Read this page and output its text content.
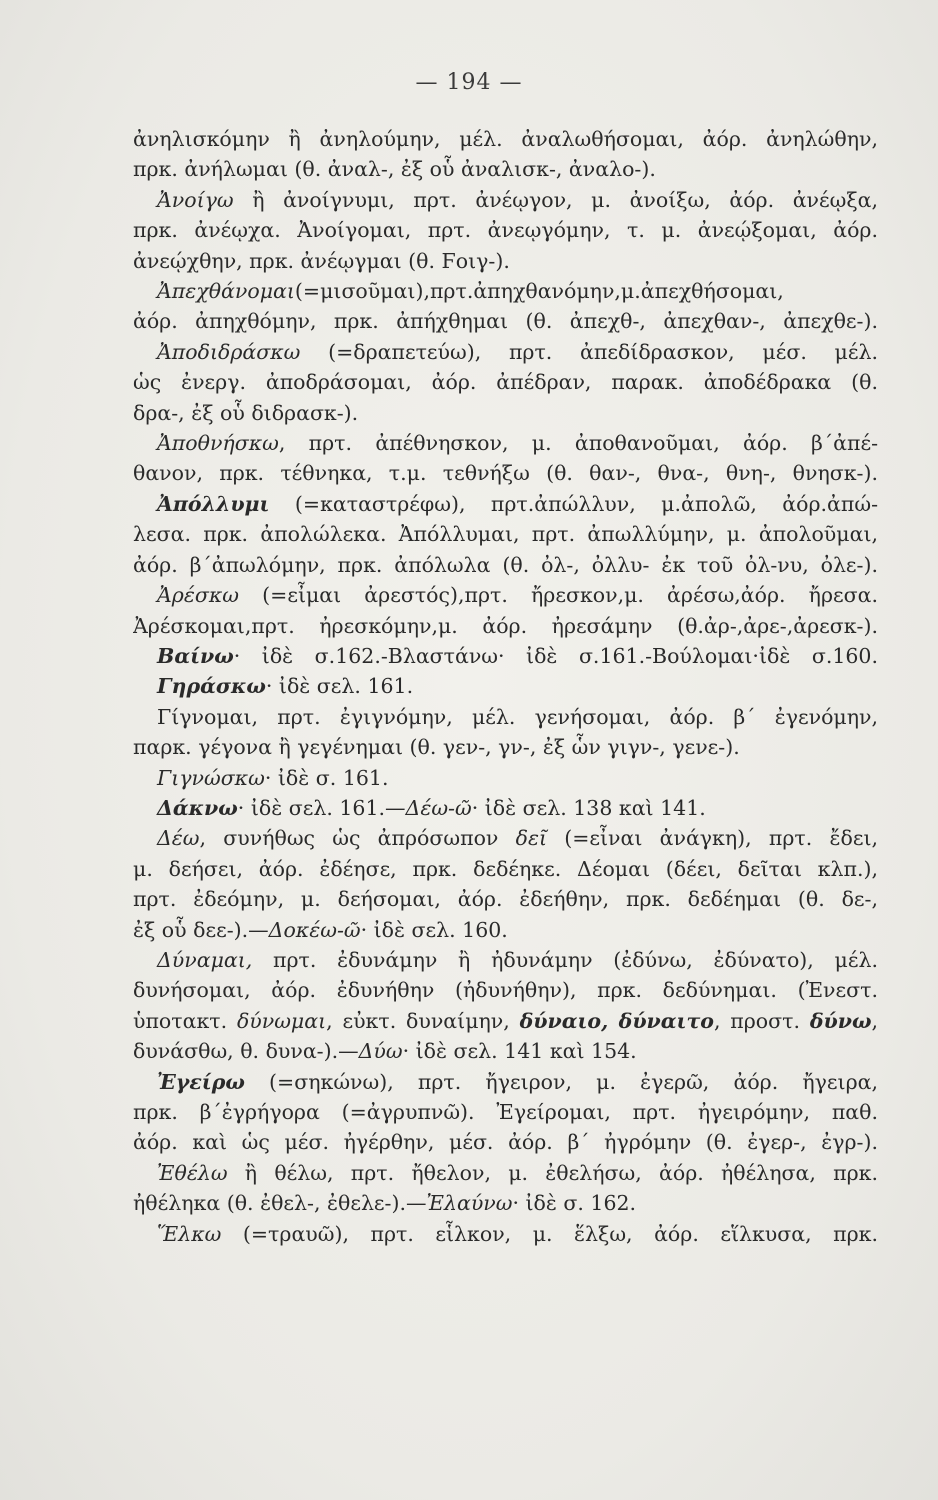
— 194 —
ἀνηλισκόμην ἢ ἀνηλούμην, μέλ. ἀναλωθήσομαι, ἀόρ. ἀνηλώθην,
πρκ. ἀνήλωμαι (θ. ἀναλ-, ἐξ οὗ ἀναλισκ-, ἀναλο-).
Ἀνοίγω ἢ ἀνοίγνυμι, πρτ. ἀνέῳγον, μ. ἀνοίξω, ἀόρ. ἀνέῳξα,
πρκ. ἀνέῳχα. Ἀνοίγομαι, πρτ. ἀνεῳγόμην, τ. μ. ἀνεῴξομαι, ἀόρ.
ἀνεῴχθην, πρκ. ἀνέῳγμαι (θ. Ϝοιγ-).
Ἀπεχθάνομαι(=μισοῦμαι),πρτ.ἀπηχθανόμην,μ.ἀπεχθήσομαι,
ἀόρ. ἀπηχθόμην, πρκ. ἀπήχθημαι (θ. ἀπεχθ-, ἀπεχθαν-, ἀπεχθε-).
Ἀποδιδράσκω (=δραπετεύω), πρτ. ἀπεδίδρασκον, μέσ. μέλ.
ὡς ἐνεργ. ἀποδράσομαι, ἀόρ. ἀπέδραν, παρακ. ἀποδέδρακα (θ.
δρα-, ἐξ οὗ διδρασκ-).
Ἀποθνήσκω, πρτ. ἀπέθνησκον, μ. ἀποθανοῦμαι, ἀόρ. β΄ἀπέ-
θανον, πρκ. τέθνηκα, τ.μ. τεθνήξω (θ. θαν-, θνα-, θνη-, θνησκ-).
Ἀπόλλυμι (=καταστρέφω), πρτ.ἀπώλλυν, μ.ἀπολῶ, ἀόρ.ἀπώ-
λεσα. πρκ. ἀπολώλεκα. Ἀπόλλυμαι, πρτ. ἀπωλλύμην, μ. ἀπολοῦμαι,
ἀόρ. β΄ἀπωλόμην, πρκ. ἀπόλωλα (θ. ὀλ-, ὀλλυ- ἐκ τοῦ ὀλ-νυ, ὀλε-).
Ἀρέσκω (=εἶμαι ἀρεστός),πρτ. ἤρεσκον,μ. ἀρέσω,ἀόρ. ἤρεσα.
Ἀρέσκομαι,πρτ. ἠρεσκόμην,μ. ἀόρ. ἠρεσάμην (θ.ἀρ-,ἀρε-,ἀρεσκ-).
Βαίνω· ἰδὲ σ.162.-Βλαστάνω· ἰδὲ σ.161.-Βούλομαι·ἰδὲ σ.160.
Γηράσκω· ἰδὲ σελ. 161.
Γίγνομαι, πρτ. ἐγιγνόμην, μέλ. γενήσομαι, ἀόρ. β΄ ἐγενόμην,
παρκ. γέγονα ἢ γεγένημαι (θ. γεν-, γν-, ἐξ ὧν γιγν-, γενε-).
Γιγνώσκω· ἰδὲ σ. 161.
Δάκνω· ἰδὲ σελ. 161.—Δέω-ῶ· ἰδὲ σελ. 138 καὶ 141.
Δέω, συνήθως ὡς ἀπρόσωπον δεῖ (=εἶναι ἀνάγκη), πρτ. ἔδει,
μ. δεήσει, ἀόρ. ἐδέησε, πρκ. δεδέηκε. Δέομαι (δέει, δεῖται κλπ.),
πρτ. ἐδεόμην, μ. δεήσομαι, ἀόρ. ἐδεήθην, πρκ. δεδέημαι (θ. δε-,
ἐξ οὗ δεε-).—Δοκέω-ῶ· ἰδὲ σελ. 160.
Δύναμαι, πρτ. ἐδυνάμην ἢ ἠδυνάμην (ἐδύνω, ἐδύνατο), μέλ.
δυνήσομαι, ἀόρ. ἐδυνήθην (ἠδυνήθην), πρκ. δεδύνημαι. (Ἐνεστ.
ὑποτακτ. δύνωμαι, εὐκτ. δυναίμην, δύναιο, δύναιτο, προστ. δύνω,
δυνάσθω, θ. δυνα-).—Δύω· ἰδὲ σελ. 141 καὶ 154.
Ἐγείρω (=σηκώνω), πρτ. ἤγειρον, μ. ἐγερῶ, ἀόρ. ἤγειρα,
πρκ. β΄ἐγρήγορα (=ἀγρυπνῶ). Ἐγείρομαι, πρτ. ἠγειρόμην, παθ.
ἀόρ. καὶ ὡς μέσ. ἠγέρθην, μέσ. ἀόρ. β΄ ἠγρόμην (θ. ἐγερ-, ἐγρ-).
Ἐθέλω ἢ θέλω, πρτ. ἤθελον, μ. ἐθελήσω, ἀόρ. ἠθέλησα, πρκ.
ἠθέληκα (θ. ἐθελ-, ἐθελε-).—Ἐλαύνω· ἰδὲ σ. 162.
Ἕλκω (=τραυῶ), πρτ. εἷλκον, μ. ἕλξω, ἀόρ. εἵλκυσα, πρκ.
